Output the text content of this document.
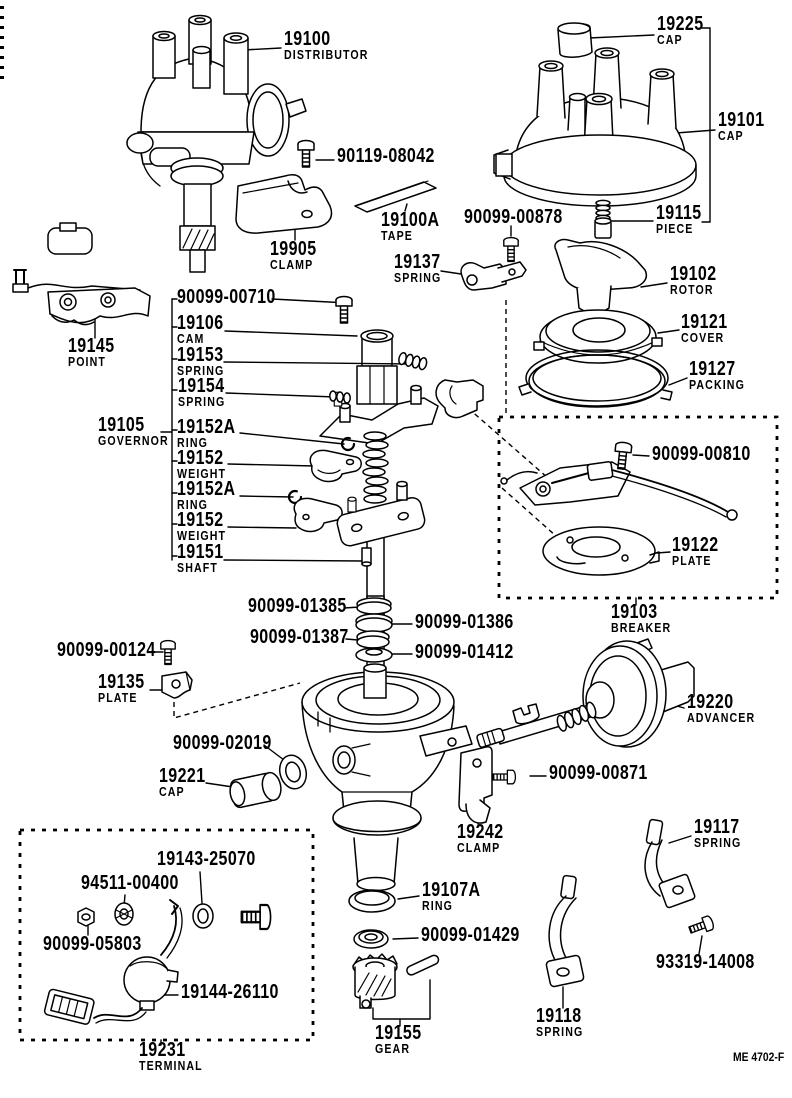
19100
DISTRIBUTOR
90119-08042
19905
CLAMP
19100A
TAPE
90099-00878
19137
SPRING
19225
CAP
19101
CAP
19115
PIECE
19102
ROTOR
19121
COVER
19127
PACKING
90099-00710
19106
CAM
19153
SPRING
19154
SPRING
19105
GOVERNOR
19152A
RING
19152
WEIGHT
19152A
RING
19152
WEIGHT
19151
SHAFT
19145
POINT
90099-01385
90099-01386
90099-01387
90099-01412
90099-00124
19135
PLATE
90099-00810
19122
PLATE
19103
BREAKER
19220
ADVANCER
90099-02019
19221
CAP
90099-00871
19242
CLAMP
19117
SPRING
93319-14008
19118
SPRING
19107A
RING
90099-01429
19155
GEAR
19143-25070
94511-00400
90099-05803
19144-26110
19231
TERMINAL
ME 4702-F
